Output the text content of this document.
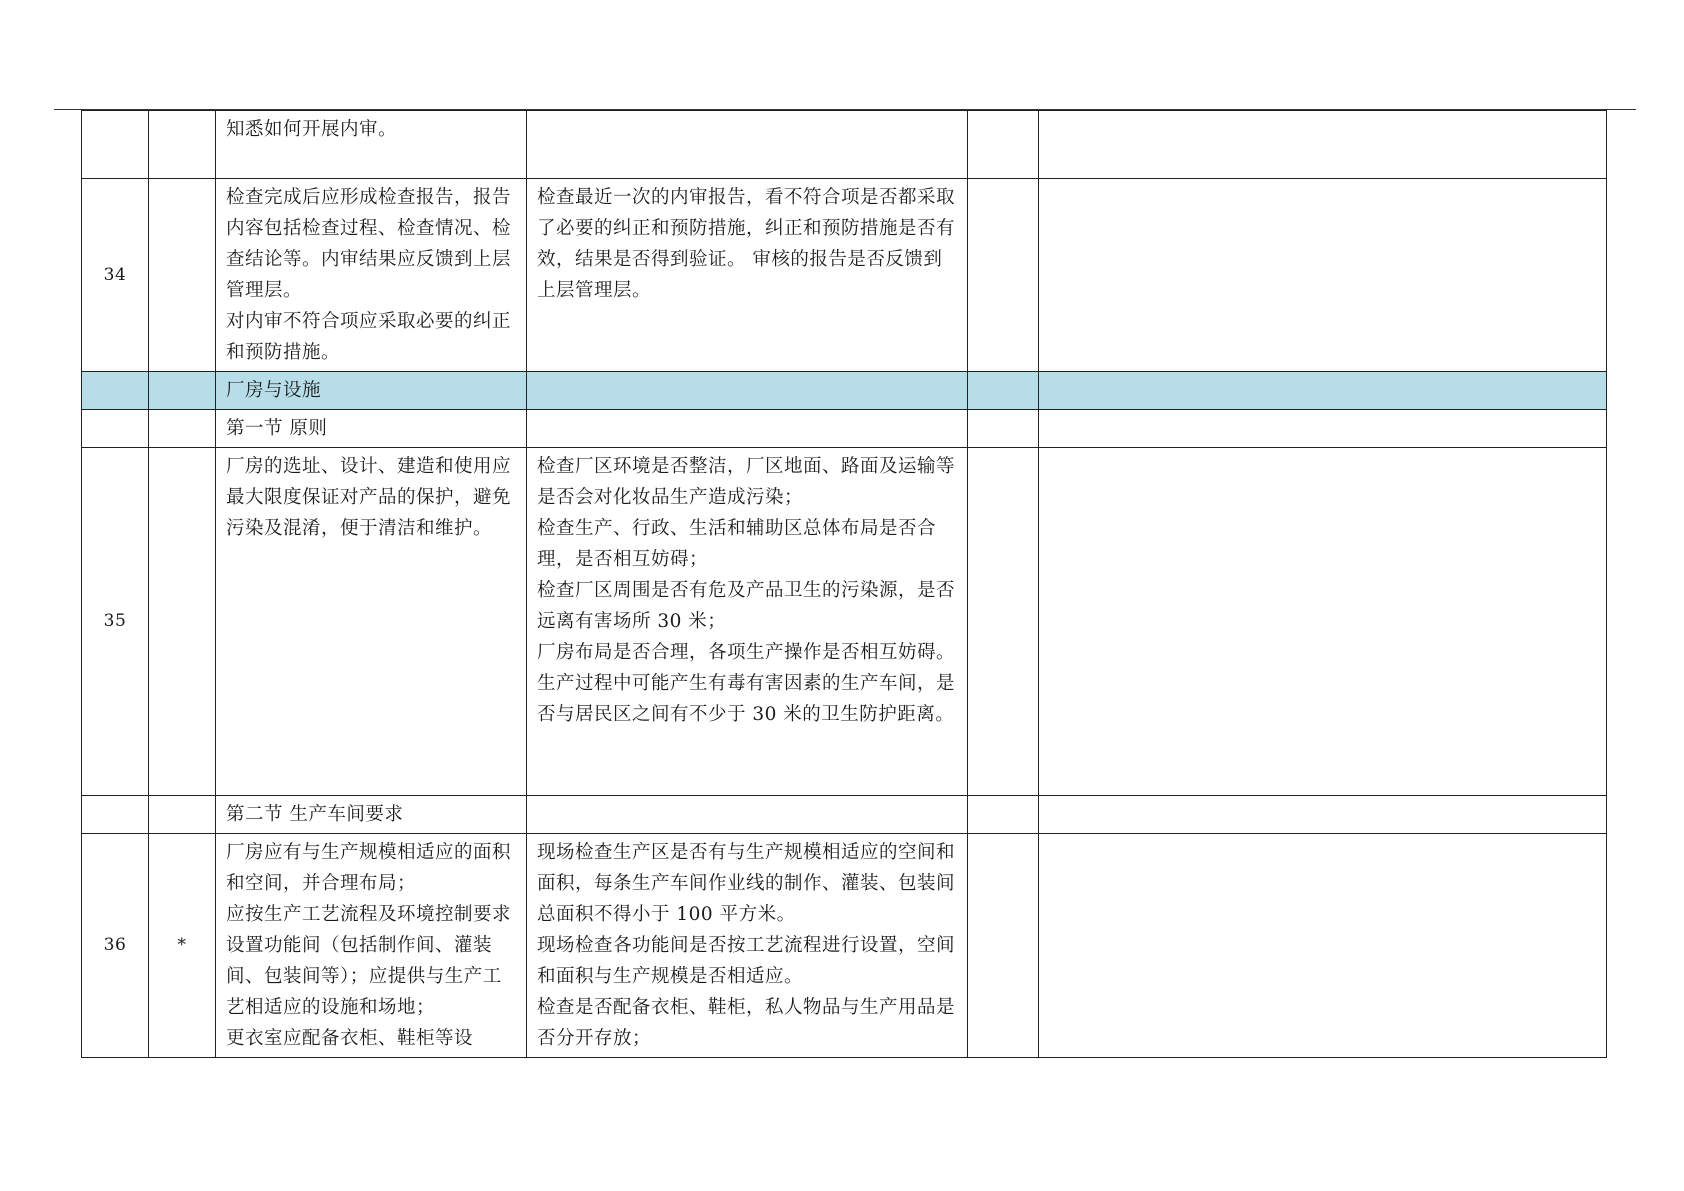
		知悉如何开展内审。			

34		检查完成后应形成检查报告，报告内容包括检查过程、检查情况、检查结论等。内审结果应反馈到上层管理层。
对内审不符合项应采取必要的纠正和预防措施。	检查最近一次的内审报告，看不符合项是否都采取了必要的纠正和预防措施，纠正和预防措施是否有效，结果是否得到验证。 审核的报告是否反馈到上层管理层。		

		厂房与设施			
		第一节 原则			
35		厂房的选址、设计、建造和使用应最大限度保证对产品的保护，避免污染及混淆，便于清洁和维护。	检查厂区环境是否整洁，厂区地面、路面及运输等是否会对化妆品生产造成污染；
检查生产、行政、生活和辅助区总体布局是否合理，是否相互妨碍；
检查厂区周围是否有危及产品卫生的污染源，是否远离有害场所 30 米；
厂房布局是否合理，各项生产操作是否相互妨碍。
生产过程中可能产生有毒有害因素的生产车间，是否与居民区之间有不少于 30 米的卫生防护距离。		

		第二节 生产车间要求			
36	*	厂房应有与生产规模相适应的面积和空间，并合理布局；
应按生产工艺流程及环境控制要求设置功能间（包括制作间、灌装间、包装间等）；应提供与生产工艺相适应的设施和场地；
更衣室应配备衣柜、鞋柜等设	现场检查生产区是否有与生产规模相适应的空间和面积，每条生产车间作业线的制作、灌装、包装间总面积不得小于 100 平方米。
现场检查各功能间是否按工艺流程进行设置，空间和面积与生产规模是否相适应。
检查是否配备衣柜、鞋柜，私人物品与生产用品是否分开存放；		
